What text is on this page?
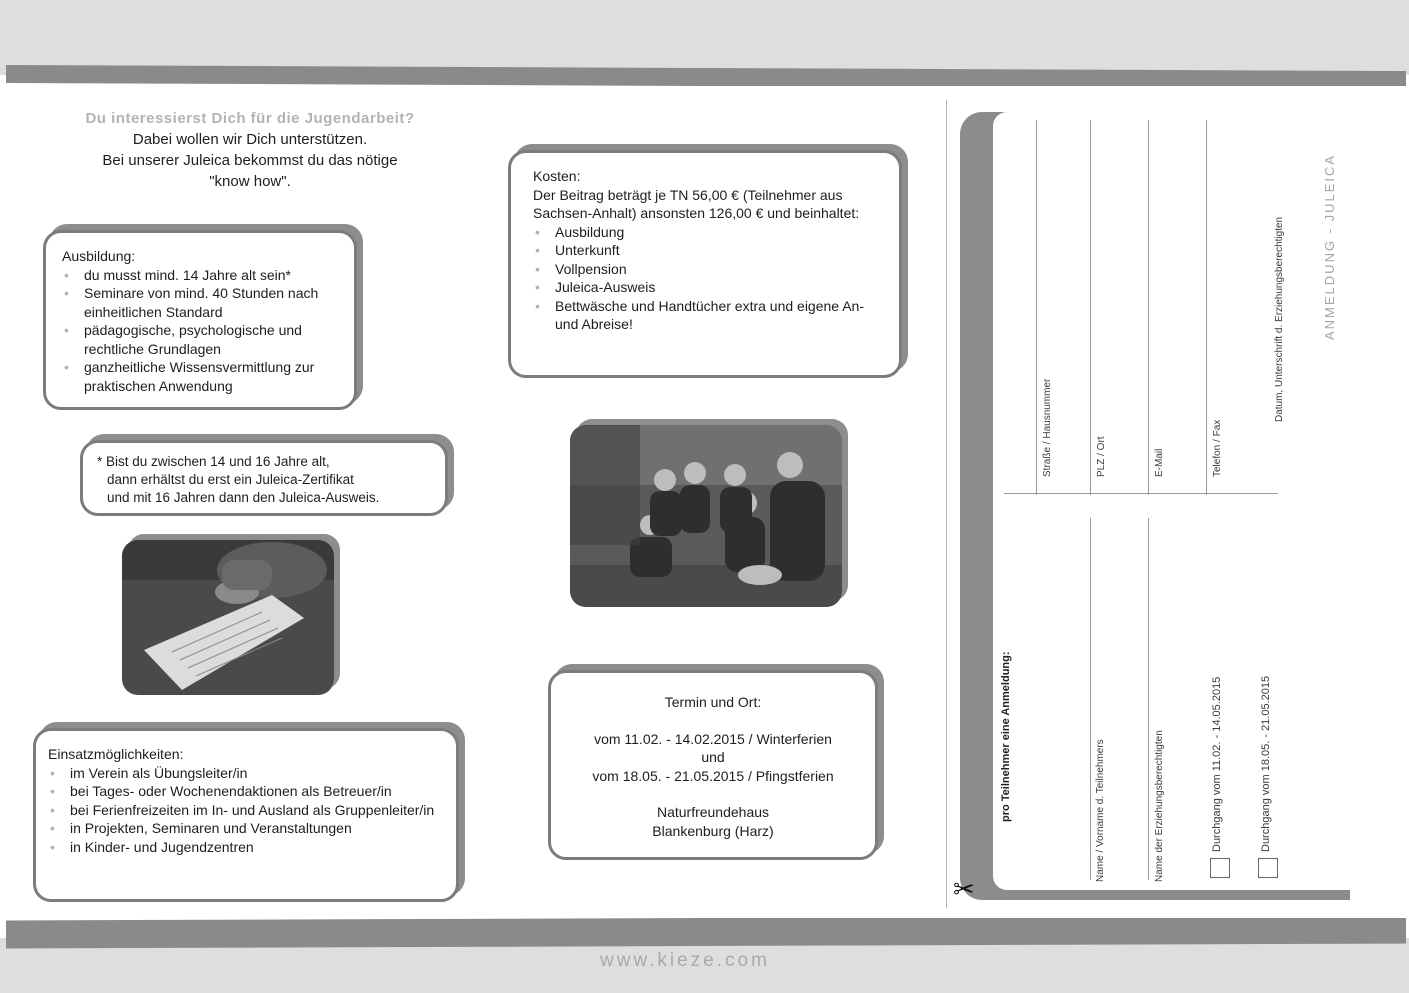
Du interessierst Dich für die Jugendarbeit?
Dabei wollen wir Dich unterstützen.
Bei unserer Juleica bekommst du das nötige
"know how".
Ausbildung:
• du musst mind. 14 Jahre alt sein*
• Seminare von mind. 40 Stunden nach einheitlichen Standard
• pädagogische, psychologische und rechtliche Grundlagen
• ganzheitliche Wissensvermittlung zur praktischen Anwendung
* Bist du zwischen 14 und 16 Jahre alt,
dann erhältst du erst ein Juleica-Zertifikat
und mit 16 Jahren dann den Juleica-Ausweis.
Einsatzmöglichkeiten:
• im Verein als Übungsleiter/in
• bei Tages- oder Wochenendaktionen als Betreuer/in
• bei Ferienfreizeiten im In- und Ausland als Gruppenleiter/in
• in Projekten, Seminaren und Veranstaltungen
• in Kinder- und Jugendzentren
Kosten:
Der Beitrag beträgt je TN 56,00 € (Teilnehmer aus Sachsen-Anhalt) ansonsten 126,00 € und beinhaltet:
• Ausbildung
• Unterkunft
• Vollpension
• Juleica-Ausweis
• Bettwäsche und Handtücher extra und eigene An- und Abreise!
Termin und Ort:
vom 11.02. - 14.02.2015 / Winterferien
und
vom 18.05. - 21.05.2015 / Pfingstferien
Naturfreundehaus
Blankenburg (Harz)
ANMELDUNG - JULEICA
pro Teilnehmer eine Anmeldung:
Datum, Unterschrift d. Erziehungsberechtigten
Straße / Hausnummer	PLZ / Ort	E-Mail	Telefon / Fax
Name / Vorname d. Teilnehmers	Name der Erziehungsberechtigten	Durchgang vom 11.02. - 14.05.2015	Durchgang vom 18.05. - 21.05.2015
✂
www.kieze.com
